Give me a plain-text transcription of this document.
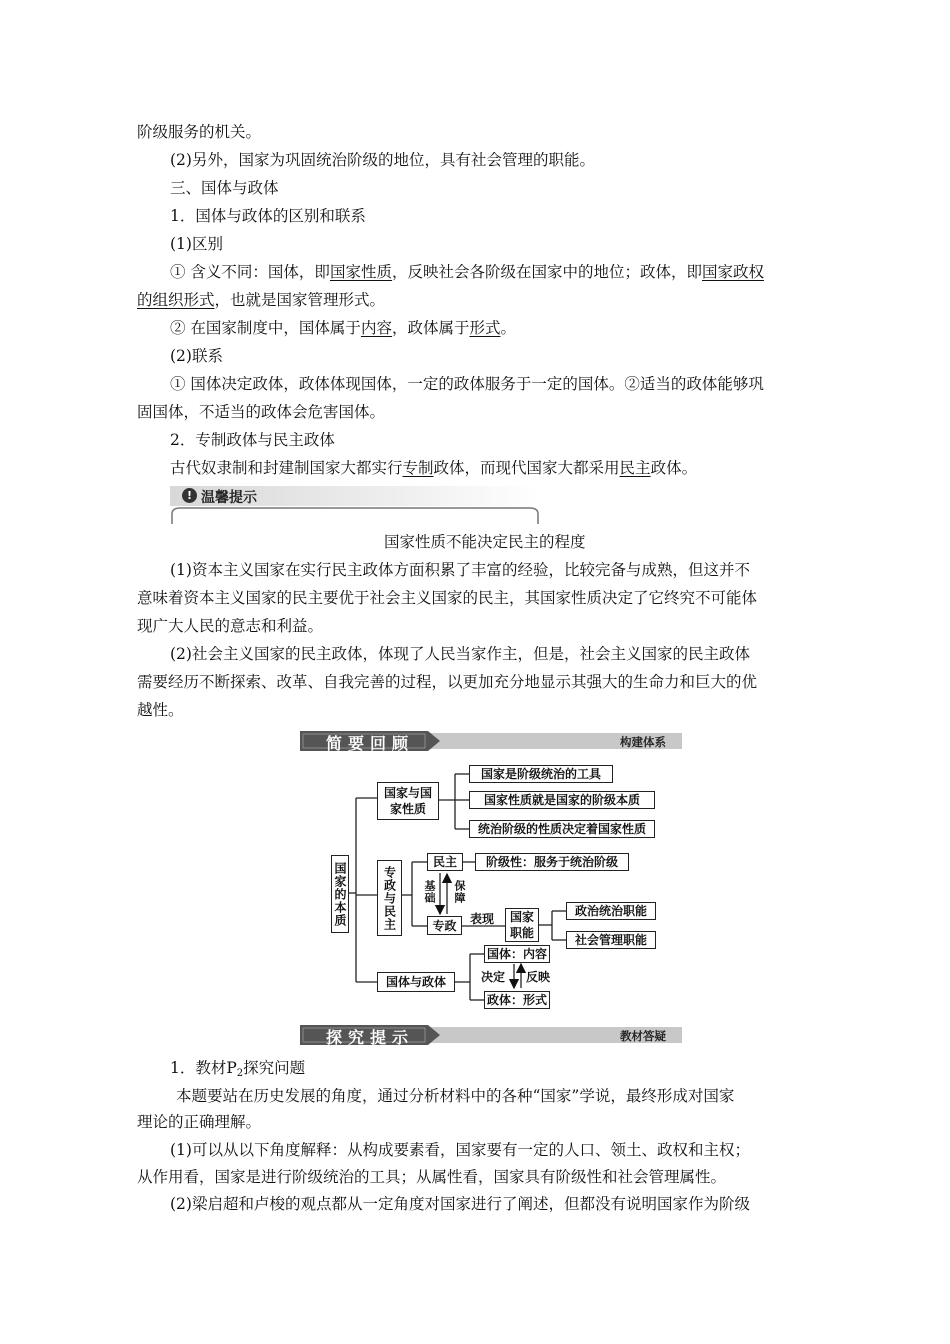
阶级服务的机关。
(2)另外，国家为巩固统治阶级的地位，具有社会管理的职能。
三、国体与政体
1．国体与政体的区别和联系
(1)区别
① 含义不同：国体，即国家性质，反映社会各阶级在国家中的地位；政体，即国家政权
的组织形式，也就是国家管理形式。
② 在国家制度中，国体属于内容，政体属于形式。
(2)联系
① 国体决定政体，政体体现国体，一定的政体服务于一定的国体。②适当的政体能够巩
固国体，不适当的政体会危害国体。
2．专制政体与民主政体
古代奴隶制和封建制国家大都实行专制政体，而现代国家大都采用民主政体。
! 温馨提示
国家性质不能决定民主的程度
(1)资本主义国家在实行民主政体方面积累了丰富的经验，比较完备与成熟，但这并不
意味着资本主义国家的民主要优于社会主义国家的民主，其国家性质决定了它终究不可能体
现广大人民的意志和利益。
(2)社会主义国家的民主政体，体现了人民当家作主，但是，社会主义国家的民主政体
需要经历不断探索、改革、自我完善的过程，以更加充分地显示其强大的生命力和巨大的优
越性。
简要回顾	构建体系
国家的本质
国家与国家性质
国家是阶级统治的工具
国家性质就是国家的阶级本质
统治阶级的性质决定着国家性质
专政与民主
民主	阶级性：服务于统治阶级
专政
基础 保障
表现	国家职能
政治统治职能
社会管理职能
国体与政体
国体：内容
政体：形式
决定 反映
探究提示	教材答疑
1．教材$P_2$探究问题
本题要站在历史发展的角度，通过分析材料中的各种“国家”学说，最终形成对国家
理论的正确理解。
(1)可以从以下角度解释：从构成要素看，国家要有一定的人口、领土、政权和主权；
从作用看，国家是进行阶级统治的工具；从属性看，国家具有阶级性和社会管理属性。
(2)梁启超和卢梭的观点都从一定角度对国家进行了阐述，但都没有说明国家作为阶级
